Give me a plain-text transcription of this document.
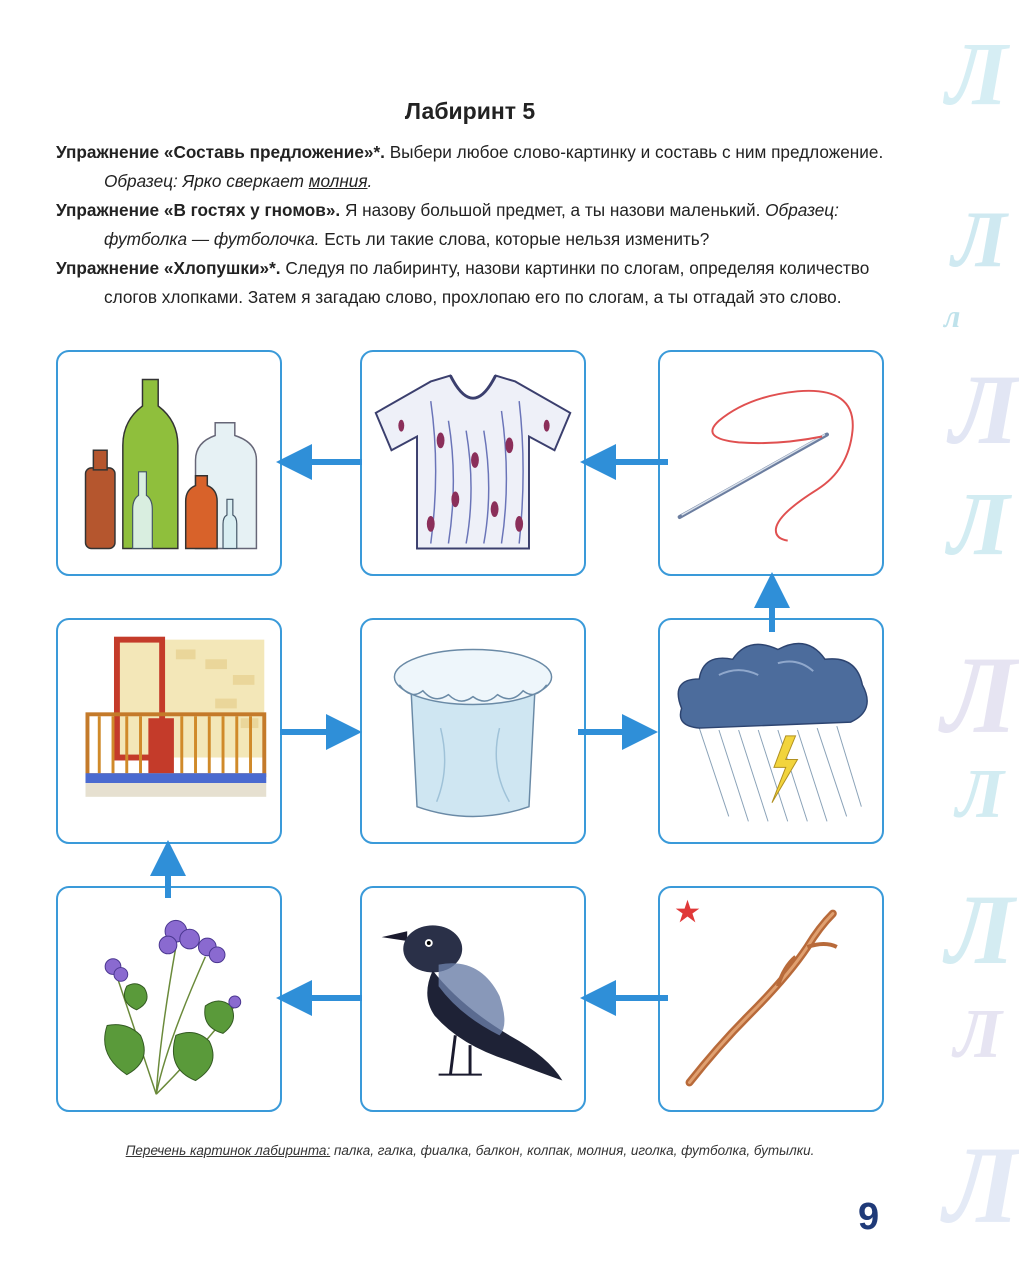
Л
Л
л
Л
Л
Л
Л
Л
Л
Л
Лабиринт 5

Упражнение «Составь предложение»*. Выбери любое слово-картинку и составь с ним предложение. Образец: Ярко сверкает молния.

Упражнение «В гостях у гномов». Я назову большой предмет, а ты назови маленький. Образец: футболка — футболочка. Есть ли такие слова, которые нельзя изменить?

Упражнение «Хлопушки»*. Следуя по лабиринту, назови картинки по слогам, определяя количество слогов хлопками. Затем я загадаю слово, прохлопаю его по слогам, а ты отгадай это слово.

Перечень картинок лабиринта: палка, галка, фиалка, балкон, колпак, молния, иголка, футболка, бутылки.
9
